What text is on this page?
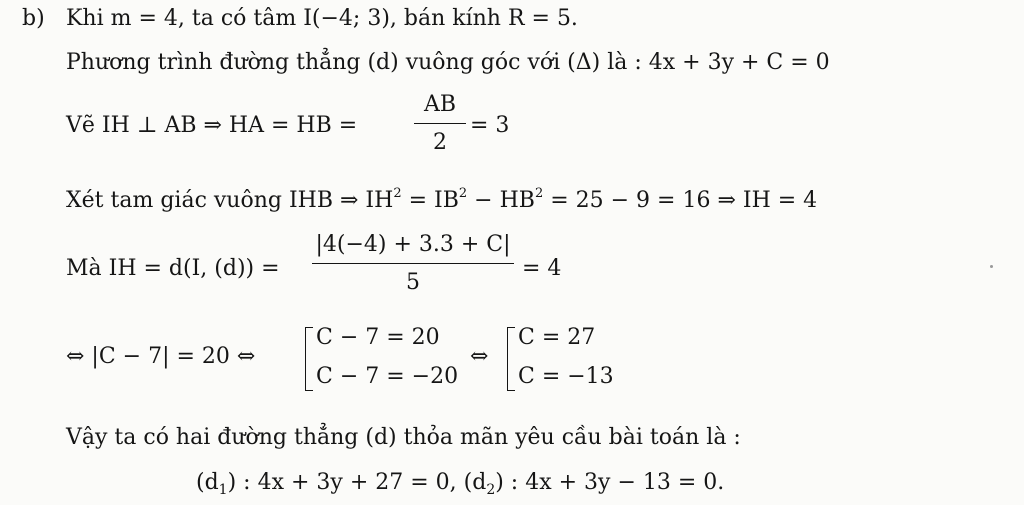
b) Khi m = 4, ta có tâm I(−4; 3), bán kính R = 5.
Phương trình đường thẳng (d) vuông góc với (Δ) là : 4x + 3y + C = 0
Vẽ IH ⊥ AB ⇒ HA = HB =
AB
2
= 3
Xét tam giác vuông IHB ⇒ $IH^2 = IB^2 - HB^2 = 25 - 9 = 16$ ⇒ IH = 4
Mà IH = d(I, (d)) =
|4(−4) + 3.3 + C|
5
= 4
⇔ |C − 7| = 20 ⇔
C − 7 = 20
C − 7 = −20
⇔
C = 27
C = −13
Vậy ta có hai đường thẳng (d) thỏa mãn yêu cầu bài toán là :
$(d_1)$ : 4x + 3y + 27 = 0, $(d_2)$ : 4x + 3y − 13 = 0.
